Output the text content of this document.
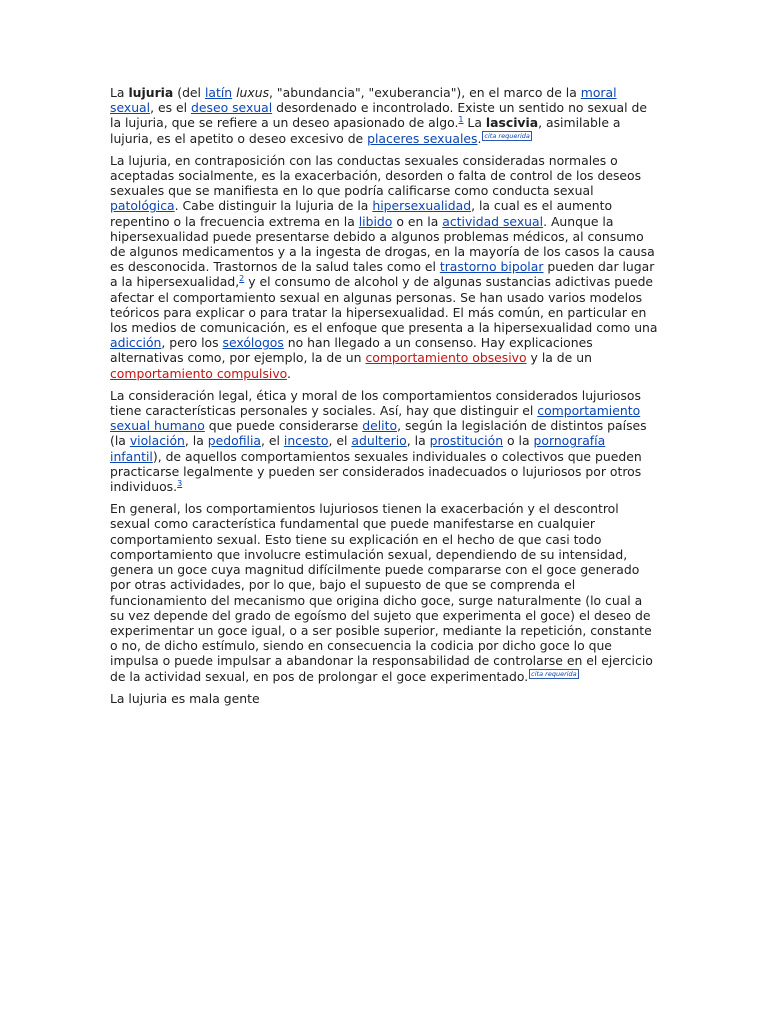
La lujuria (del latín luxus, "abundancia", "exuberancia"), en el marco de la moral sexual, es el deseo sexual desordenado e incontrolado. Existe un sentido no sexual de la lujuria, que se refiere a un deseo apasionado de algo.$^1$ La lascivia, asimilable a lujuria, es el apetito o deseo excesivo de placeres sexuales. $^{cita requerida}$

La lujuria, en contraposición con las conductas sexuales consideradas normales o aceptadas socialmente, es la exacerbación, desorden o falta de control de los deseos sexuales que se manifiesta en lo que podría calificarse como conducta sexual patológica. Cabe distinguir la lujuria de la hipersexualidad, la cual es el aumento repentino o la frecuencia extrema en la libido o en la actividad sexual. Aunque la hipersexualidad puede presentarse debido a algunos problemas médicos, al consumo de algunos medicamentos y a la ingesta de drogas, en la mayoría de los casos la causa es desconocida. Trastornos de la salud tales como el trastorno bipolar pueden dar lugar a la hipersexualidad,$^2$ y el consumo de alcohol y de algunas sustancias adictivas puede afectar el comportamiento sexual en algunas personas. Se han usado varios modelos teóricos para explicar o para tratar la hipersexualidad. El más común, en particular en los medios de comunicación, es el enfoque que presenta a la hipersexualidad como una adicción, pero los sexólogos no han llegado a un consenso. Hay explicaciones alternativas como, por ejemplo, la de un comportamiento obsesivo y la de un comportamiento compulsivo.

La consideración legal, ética y moral de los comportamientos considerados lujuriosos tiene características personales y sociales. Así, hay que distinguir el comportamiento sexual humano que puede considerarse delito, según la legislación de distintos países (la violación, la pedofilia, el incesto, el adulterio, la prostitución o la pornografía infantil), de aquellos comportamientos sexuales individuales o colectivos que pueden practicarse legalmente y pueden ser considerados inadecuados o lujuriosos por otros individuos.$^3$

En general, los comportamientos lujuriosos tienen la exacerbación y el descontrol sexual como característica fundamental que puede manifestarse en cualquier comportamiento sexual. Esto tiene su explicación en el hecho de que casi todo comportamiento que involucre estimulación sexual, dependiendo de su intensidad, genera un goce cuya magnitud difícilmente puede compararse con el goce generado por otras actividades, por lo que, bajo el supuesto de que se comprenda el funcionamiento del mecanismo que origina dicho goce, surge naturalmente (lo cual a su vez depende del grado de egoísmo del sujeto que experimenta el goce) el deseo de experimentar un goce igual, o a ser posible superior, mediante la repetición, constante o no, de dicho estímulo, siendo en consecuencia la codicia por dicho goce lo que impulsa o puede impulsar a abandonar la responsabilidad de controlarse en el ejercicio de la actividad sexual, en pos de prolongar el goce experimentado. $^{cita requerida}$

La lujuria es mala gente
